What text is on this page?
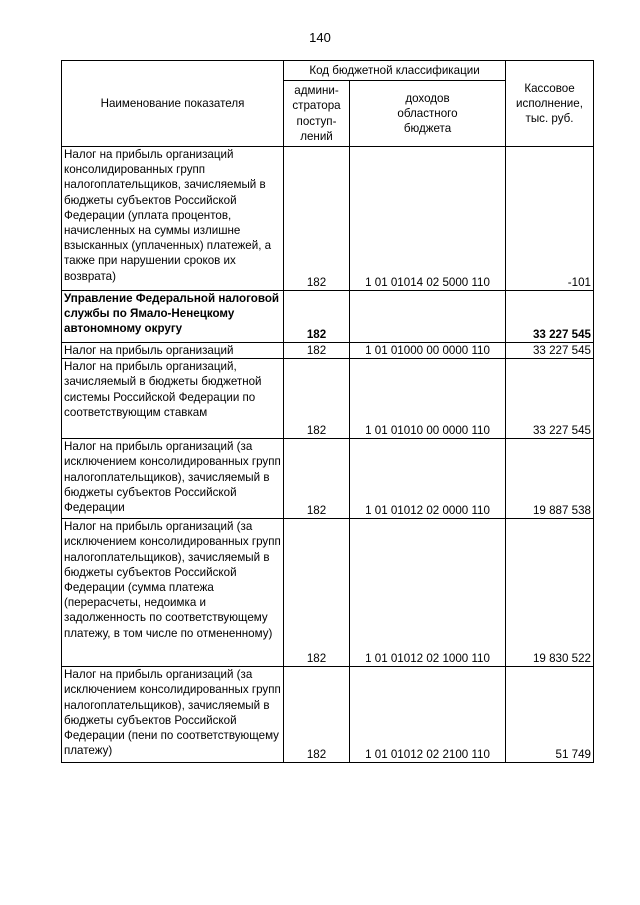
140
Наименование показателя	Код бюджетной классификации		Кассовое
исполнение,
тыс. руб.
	админи-
стратора
поступ-
лений	доходов
областного
бюджета	
Налог на прибыль организаций консолидированных групп налогоплательщиков, зачисляемый в бюджеты субъектов Российской Федерации (уплата процентов, начисленных на суммы излишне взысканных (уплаченных) платежей, а также при нарушении сроков их возврата)	182	1 01 01014 02 5000 110	-101
Управление Федеральной налоговой службы по Ямало-Ненецкому автономному округу	182		33 227 545
Налог на прибыль организаций	182	1 01 01000 00 0000 110	33 227 545
Налог на прибыль организаций, зачисляемый в бюджеты бюджетной системы Российской Федерации по соответствующим ставкам	182	1 01 01010 00 0000 110	33 227 545
Налог на прибыль организаций (за исключением консолидированных групп налогоплательщиков), зачисляемый в бюджеты субъектов Российской Федерации	182	1 01 01012 02 0000 110	19 887 538
Налог на прибыль организаций (за исключением консолидированных групп налогоплательщиков), зачисляемый в бюджеты субъектов Российской Федерации (сумма платежа (перерасчеты, недоимка и задолженность по соответствующему платежу, в том числе по отмененному)	182	1 01 01012 02 1000 110	19 830 522
Налог на прибыль организаций (за исключением консолидированных групп налогоплательщиков), зачисляемый в бюджеты субъектов Российской Федерации (пени по соответствующему платежу)	182	1 01 01012 02 2100 110	51 749
